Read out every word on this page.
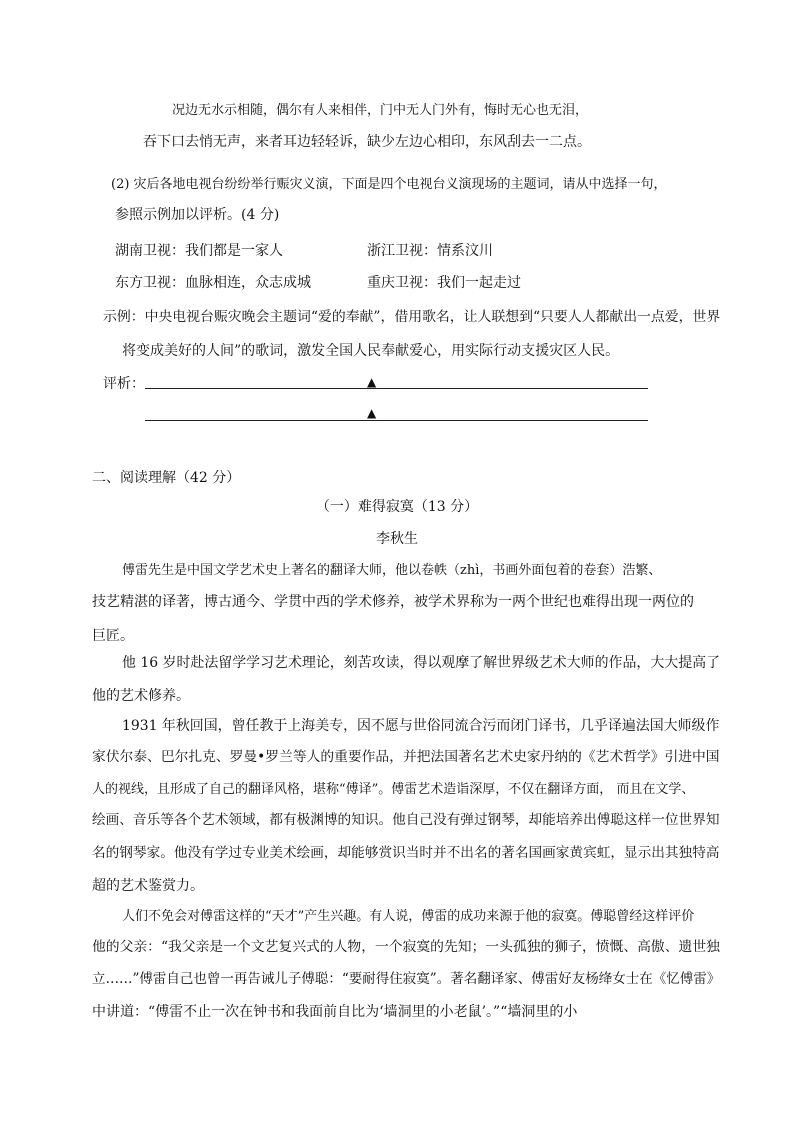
况边无水示相随，偶尔有人来相伴，门中无人门外有，悔时无心也无泪，
吞下口去悄无声，来者耳边轻轻诉，缺少左边心相印，东风刮去一二点。
(2) 灾后各地电视台纷纷举行赈灾义演，下面是四个电视台义演现场的主题词，请从中选择一句，
参照示例加以评析。(4 分)
湖南卫视：我们都是一家人	浙江卫视：情系汶川
东方卫视：血脉相连，众志成城	重庆卫视：我们一起走过
示例：中央电视台赈灾晚会主题词“爱的奉献”，借用歌名，让人联想到“只要人人都献出一点爱，世界
将变成美好的人间”的歌词，激发全国人民奉献爱心，用实际行动支援灾区人民。
评析：	▲
▲
二、阅读理解（42 分）
（一）难得寂寞（13 分）
李秋生
傅雷先生是中国文学艺术史上著名的翻译大师，他以卷帙（zhì，书画外面包着的卷套）浩繁、
技艺精湛的译著，博古通今、学贯中西的学术修养，被学术界称为一两个世纪也难得出现一两位的
巨匠。
他 16 岁时赴法留学学习艺术理论，刻苦攻读，得以观摩了解世界级艺术大师的作品，大大提高了
他的艺术修养。
1931 年秋回国，曾任教于上海美专，因不愿与世俗同流合污而闭门译书，几乎译遍法国大师级作
家伏尔泰、巴尔扎克、罗曼•罗兰等人的重要作品，并把法国著名艺术史家丹纳的《艺术哲学》引进中国
人的视线，且形成了自己的翻译风格，堪称“傅译”。傅雷艺术造诣深厚，不仅在翻译方面， 而且在文学、
绘画、音乐等各个艺术领域，都有极渊博的知识。他自己没有弹过钢琴，却能培养出傅聪这样一位世界知
名的钢琴家。他没有学过专业美术绘画，却能够赏识当时并不出名的著名国画家黄宾虹，显示出其独特高
超的艺术鉴赏力。
人们不免会对傅雷这样的“天才”产生兴趣。有人说，傅雷的成功来源于他的寂寞。傅聪曾经这样评价
他的父亲：“我父亲是一个文艺复兴式的人物，一个寂寞的先知；一头孤独的狮子，愤慨、高傲、遗世独
立……”傅雷自己也曾一再告诫儿子傅聪：“要耐得住寂寞”。著名翻译家、傅雷好友杨绛女士在《忆傅雷》
中讲道：“傅雷不止一次在钟书和我面前自比为‘墙洞里的小老鼠’。”“墙洞里的小
